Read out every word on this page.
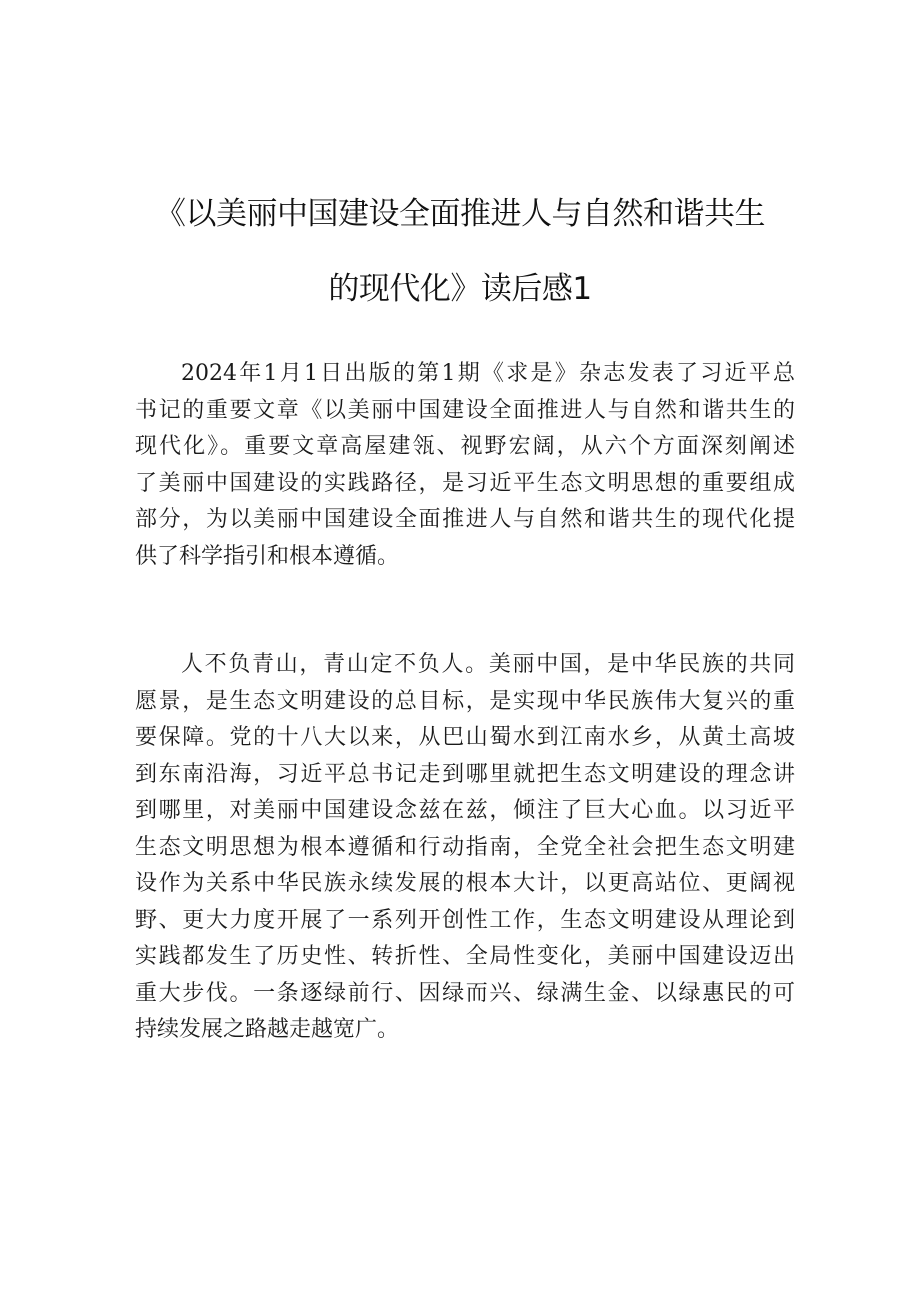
《以美丽中国建设全面推进人与自然和谐共生
的现代化》读后感1
2024年1月1日出版的第1期《求是》杂志发表了习近平总
书记的重要文章《以美丽中国建设全面推进人与自然和谐共生的
现代化》。重要文章高屋建瓴、视野宏阔，从六个方面深刻阐述
了美丽中国建设的实践路径，是习近平生态文明思想的重要组成
部分，为以美丽中国建设全面推进人与自然和谐共生的现代化提
供了科学指引和根本遵循。
人不负青山，青山定不负人。美丽中国，是中华民族的共同
愿景，是生态文明建设的总目标，是实现中华民族伟大复兴的重
要保障。党的十八大以来，从巴山蜀水到江南水乡，从黄土高坡
到东南沿海，习近平总书记走到哪里就把生态文明建设的理念讲
到哪里，对美丽中国建设念兹在兹，倾注了巨大心血。以习近平
生态文明思想为根本遵循和行动指南，全党全社会把生态文明建
设作为关系中华民族永续发展的根本大计，以更高站位、更阔视
野、更大力度开展了一系列开创性工作，生态文明建设从理论到
实践都发生了历史性、转折性、全局性变化，美丽中国建设迈出
重大步伐。一条逐绿前行、因绿而兴、绿满生金、以绿惠民的可
持续发展之路越走越宽广。
